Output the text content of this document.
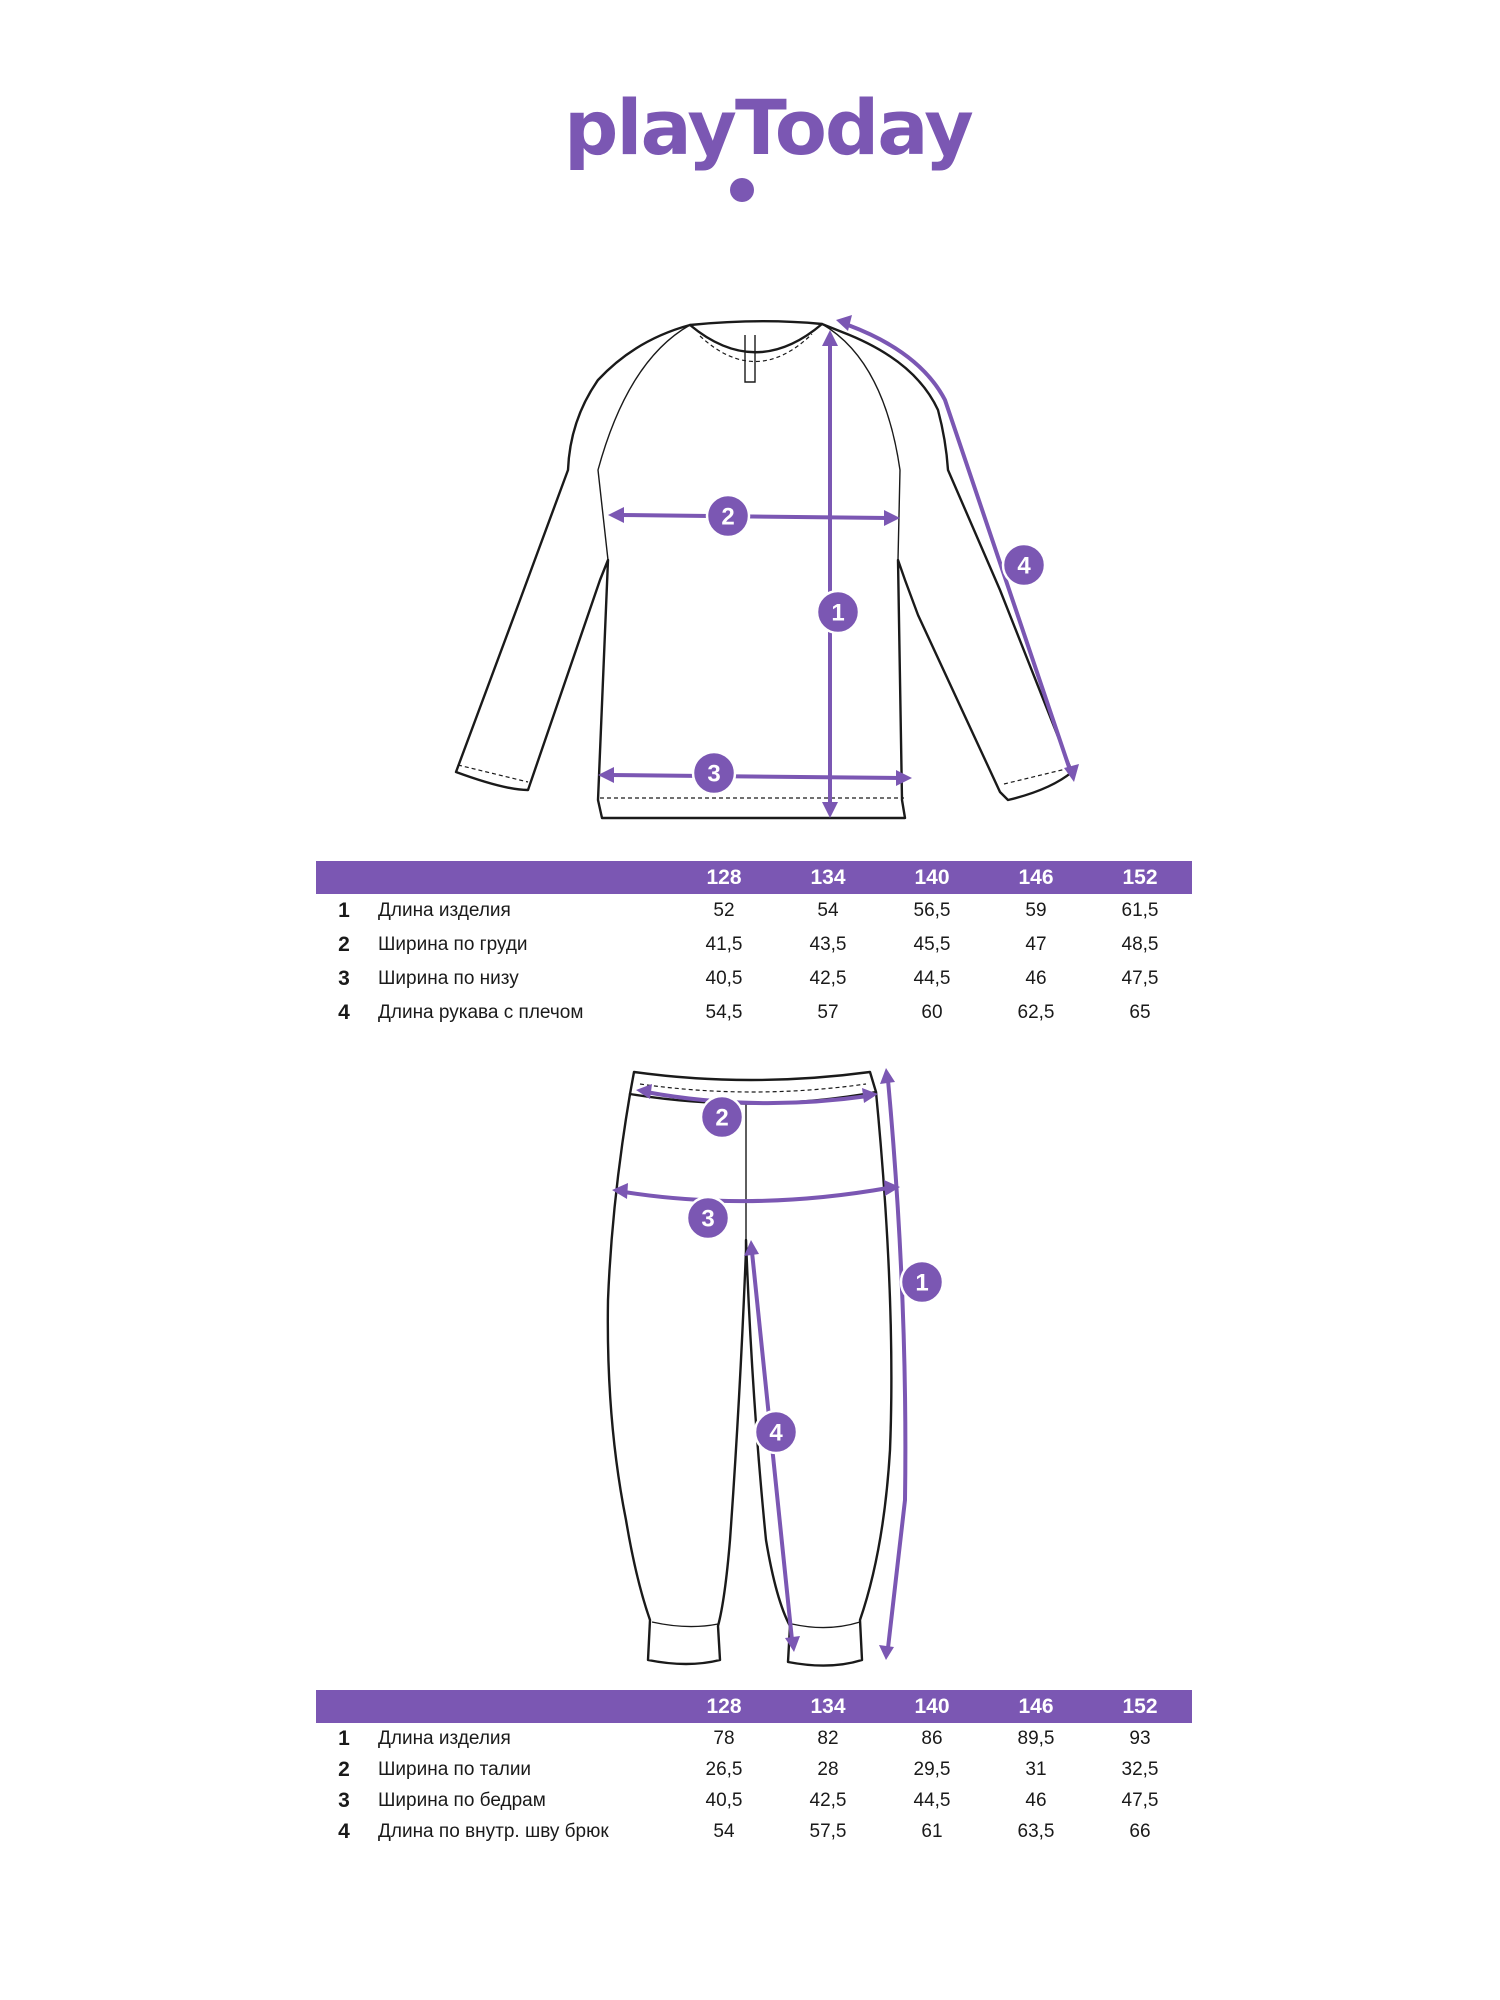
playToday
1
2
3
4
		128	134	140	146	152
1	Длина изделия	52	54	56,5	59	61,5
2	Ширина по груди	41,5	43,5	45,5	47	48,5
3	Ширина по низу	40,5	42,5	44,5	46	47,5
4	Длина рукава с плечом	54,5	57	60	62,5	65
1
2
3
4
		128	134	140	146	152
1	Длина изделия	78	82	86	89,5	93
2	Ширина по талии	26,5	28	29,5	31	32,5
3	Ширина по бедрам	40,5	42,5	44,5	46	47,5
4	Длина по внутр. шву брюк	54	57,5	61	63,5	66
